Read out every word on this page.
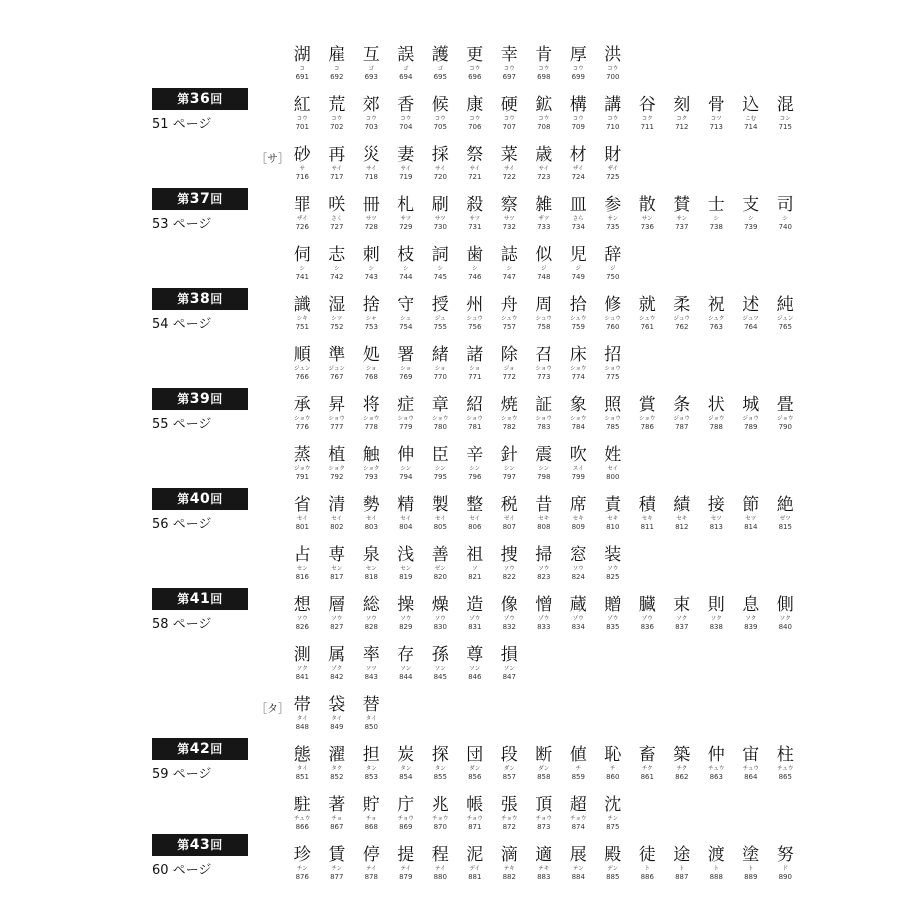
第36回
51 ページ
第37回
53 ページ
第38回
54 ページ
第39回
55 ページ
第40回
56 ページ
第41回
58 ページ
第42回
59 ページ
第43回
60 ページ
［サ］
［タ］
湖
コ
691
雇
コ
692
互
ゴ
693
誤
ゴ
694
護
ゴ
695
更
コウ
696
幸
コウ
697
肯
コウ
698
厚
コウ
699
洪
コウ
700
紅
コウ
701
荒
コウ
702
郊
コウ
703
香
コウ
704
候
コウ
705
康
コウ
706
硬
コウ
707
鉱
コウ
708
構
コウ
709
講
コウ
710
谷
コク
711
刻
コク
712
骨
コツ
713
込
こむ
714
混
コン
715
砂
サ
716
再
サイ
717
災
サイ
718
妻
サイ
719
採
サイ
720
祭
サイ
721
菜
サイ
722
歳
サイ
723
材
ザイ
724
財
ザイ
725
罪
ザイ
726
咲
さく
727
冊
サツ
728
札
サツ
729
刷
サツ
730
殺
サツ
731
察
サツ
732
雑
ザツ
733
皿
さら
734
参
サン
735
散
サン
736
賛
サン
737
士
シ
738
支
シ
739
司
シ
740
伺
シ
741
志
シ
742
刺
シ
743
枝
シ
744
詞
シ
745
歯
シ
746
誌
シ
747
似
ジ
748
児
ジ
749
辞
ジ
750
識
シキ
751
湿
シツ
752
捨
シャ
753
守
シュ
754
授
ジュ
755
州
シュウ
756
舟
シュウ
757
周
シュウ
758
拾
シュウ
759
修
シュウ
760
就
シュウ
761
柔
ジュウ
762
祝
シュク
763
述
ジュツ
764
純
ジュン
765
順
ジュン
766
準
ジュン
767
処
ショ
768
署
ショ
769
緒
ショ
770
諸
ショ
771
除
ジョ
772
召
ショウ
773
床
ショウ
774
招
ショウ
775
承
ショウ
776
昇
ショウ
777
将
ショウ
778
症
ショウ
779
章
ショウ
780
紹
ショウ
781
焼
ショウ
782
証
ショウ
783
象
ショウ
784
照
ショウ
785
賞
ショウ
786
条
ジョウ
787
状
ジョウ
788
城
ジョウ
789
畳
ジョウ
790
蒸
ジョウ
791
植
ショク
792
触
ショク
793
伸
シン
794
臣
シン
795
辛
シン
796
針
シン
797
震
シン
798
吹
スイ
799
姓
セイ
800
省
セイ
801
清
セイ
802
勢
セイ
803
精
セイ
804
製
セイ
805
整
セイ
806
税
ゼイ
807
昔
セキ
808
席
セキ
809
責
セキ
810
積
セキ
811
績
セキ
812
接
セツ
813
節
セツ
814
絶
ゼツ
815
占
セン
816
専
セン
817
泉
セン
818
浅
セン
819
善
ゼン
820
祖
ソ
821
捜
ソウ
822
掃
ソウ
823
窓
ソウ
824
装
ソウ
825
想
ソウ
826
層
ソウ
827
総
ソウ
828
操
ソウ
829
燥
ソウ
830
造
ゾウ
831
像
ゾウ
832
憎
ゾウ
833
蔵
ゾウ
834
贈
ゾウ
835
臓
ゾウ
836
束
ソク
837
則
ソク
838
息
ソク
839
側
ソク
840
測
ソク
841
属
ゾク
842
率
ソツ
843
存
ソン
844
孫
ソン
845
尊
ソン
846
損
ソン
847
帯
タイ
848
袋
タイ
849
替
タイ
850
態
タイ
851
濯
タク
852
担
タン
853
炭
タン
854
探
タン
855
団
ダン
856
段
ダン
857
断
ダン
858
値
チ
859
恥
チ
860
畜
チク
861
築
チク
862
仲
チュウ
863
宙
チュウ
864
柱
チュウ
865
駐
チュウ
866
著
チョ
867
貯
チョ
868
庁
チョウ
869
兆
チョウ
870
帳
チョウ
871
張
チョウ
872
頂
チョウ
873
超
チョウ
874
沈
チン
875
珍
チン
876
賃
チン
877
停
テイ
878
提
テイ
879
程
テイ
880
泥
デイ
881
滴
テキ
882
適
テキ
883
展
テン
884
殿
デン
885
徒
ト
886
途
ト
887
渡
ト
888
塗
ト
889
努
ド
890
